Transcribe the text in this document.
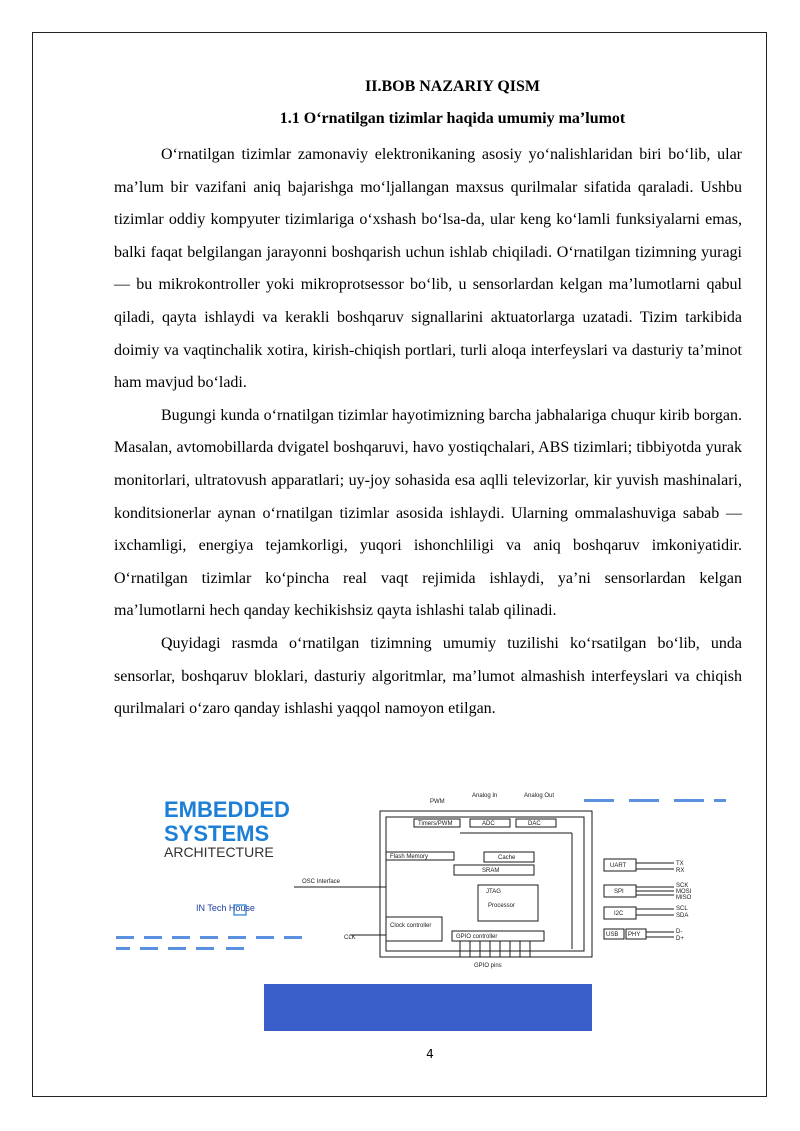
II.BOB NAZARIY QISM
1.1 O‘rnatilgan tizimlar haqida umumiy ma’lumot

O‘rnatilgan tizimlar zamonaviy elektronikaning asosiy yo‘nalishlaridan biri bo‘lib, ular ma’lum bir vazifani aniq bajarishga mo‘ljallangan maxsus qurilmalar sifatida qaraladi. Ushbu tizimlar oddiy kompyuter tizimlariga o‘xshash bo‘lsa-da, ular keng ko‘lamli funksiyalarni emas, balki faqat belgilangan jarayonni boshqarish uchun ishlab chiqiladi. O‘rnatilgan tizimning yuragi — bu mikrokontroller yoki mikroprotsessor bo‘lib, u sensorlardan kelgan ma’lumotlarni qabul qiladi, qayta ishlaydi va kerakli boshqaruv signallarini aktuatorlarga uzatadi. Tizim tarkibida doimiy va vaqtinchalik xotira, kirish-chiqish portlari, turli aloqa interfeyslari va dasturiy ta’minot ham mavjud bo‘ladi.

Bugungi kunda o‘rnatilgan tizimlar hayotimizning barcha jabhalariga chuqur kirib borgan. Masalan, avtomobillarda dvigatel boshqaruvi, havo yostiqchalari, ABS tizimlari; tibbiyotda yurak monitorlari, ultratovush apparatlari; uy-joy sohasida esa aqlli televizorlar, kir yuvish mashinalari, konditsionerlar aynan o‘rnatilgan tizimlar asosida ishlaydi. Ularning ommalashuviga sabab — ixchamligi, energiya tejamkorligi, yuqori ishonchliligi va aniq boshqaruv imkoniyatidir. O‘rnatilgan tizimlar ko‘pincha real vaqt rejimida ishlaydi, ya’ni sensorlardan kelgan ma’lumotlarni hech qanday kechikishsiz qayta ishlashi talab qilinadi.

Quyidagi rasmda o‘rnatilgan tizimning umumiy tuzilishi ko‘rsatilgan bo‘lib, unda sensorlar, boshqaruv bloklari, dasturiy algoritmlar, ma’lumot almashish interfeyslari va chiqish qurilmalari o‘zaro qanday ishlashi yaqqol namoyon etilgan.

EMBEDDED
SYSTEMS
ARCHITECTURE
IN Tech House
PWM
Analog In	Analog Out
Timers/PWM	ADC	DAC
Flash Memory	Cache
SRAM
OSC Interface
JTAG
Processor
Clock controller
GPIO controller
CLK
GPIO pins
UART
SPI
I2C
USB PHY
TX
RX
SCK
MOSI
MISO
SCL
SDA
D-
D+
4
